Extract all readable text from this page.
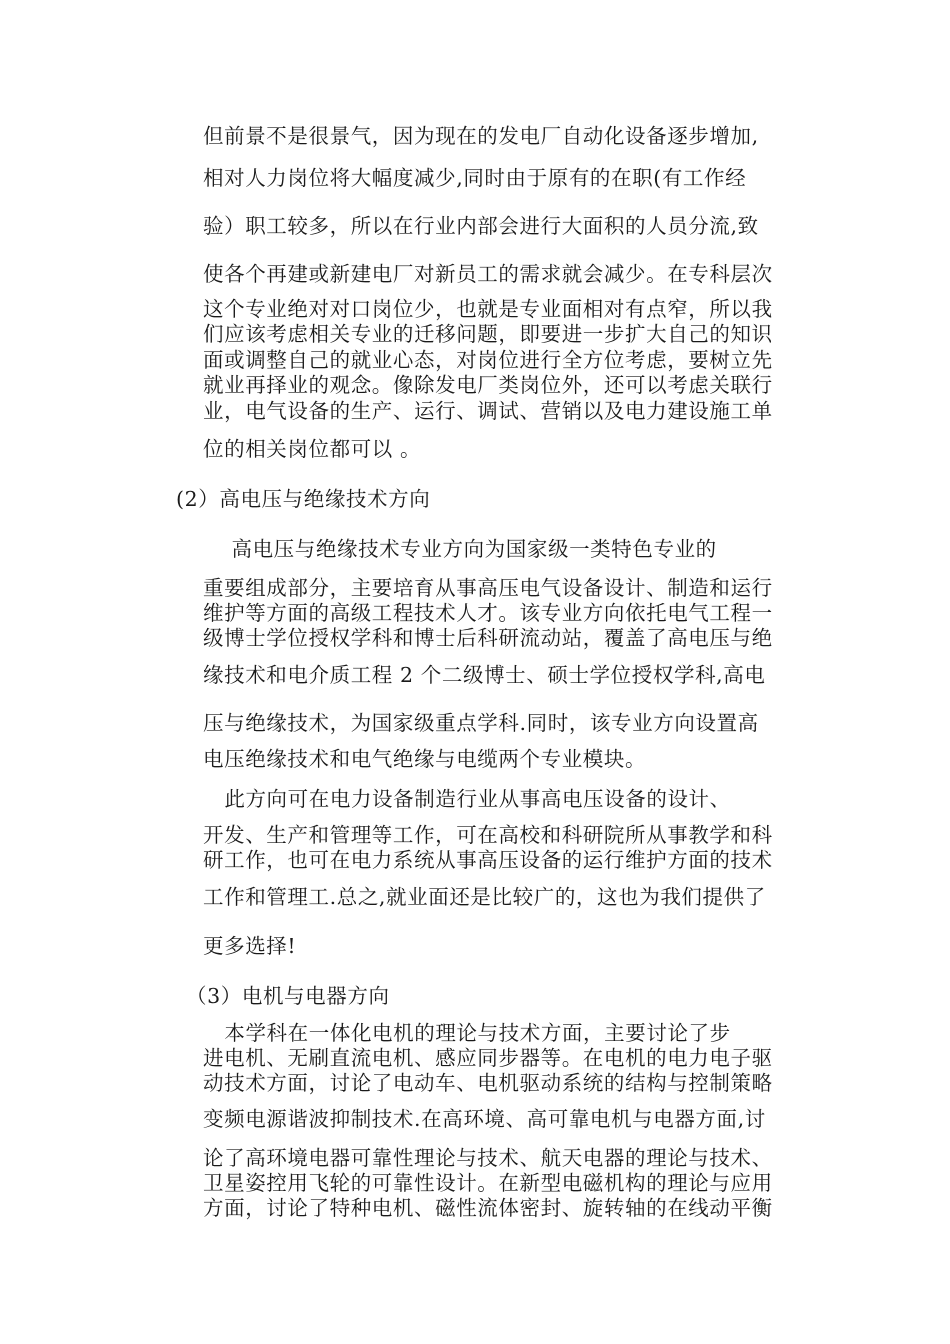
但前景不是很景气，因为现在的发电厂自动化设备逐步增加,
相对人力岗位将大幅度减少,同时由于原有的在职(有工作经
验）职工较多，所以在行业内部会进行大面积的人员分流,致
使各个再建或新建电厂对新员工的需求就会减少。在专科层次
这个专业绝对对口岗位少，也就是专业面相对有点窄，所以我
们应该考虑相关专业的迁移问题，即要进一步扩大自己的知识
面或调整自己的就业心态，对岗位进行全方位考虑，要树立先
就业再择业的观念。像除发电厂类岗位外，还可以考虑关联行
业，电气设备的生产、运行、调试、营销以及电力建设施工单
位的相关岗位都可以 。
(2）高电压与绝缘技术方向
高电压与绝缘技术专业方向为国家级一类特色专业的
重要组成部分，主要培育从事高压电气设备设计、制造和运行
维护等方面的高级工程技术人才。该专业方向依托电气工程一
级博士学位授权学科和博士后科研流动站，覆盖了高电压与绝
缘技术和电介质工程 2 个二级博士、硕士学位授权学科,高电
压与绝缘技术，为国家级重点学科.同时，该专业方向设置高
电压绝缘技术和电气绝缘与电缆两个专业模块。
此方向可在电力设备制造行业从事高电压设备的设计、
开发、生产和管理等工作，可在高校和科研院所从事教学和科
研工作，也可在电力系统从事高压设备的运行维护方面的技术
工作和管理工.总之,就业面还是比较广的，这也为我们提供了
更多选择!
（3）电机与电器方向
本学科在一体化电机的理论与技术方面，主要讨论了步
进电机、无刷直流电机、感应同步器等。在电机的电力电子驱
动技术方面，讨论了电动车、电机驱动系统的结构与控制策略
变频电源谐波抑制技术.在高环境、高可靠电机与电器方面,讨
论了高环境电器可靠性理论与技术、航天电器的理论与技术、
卫星姿控用飞轮的可靠性设计。在新型电磁机构的理论与应用
方面，讨论了特种电机、磁性流体密封、旋转轴的在线动平衡
